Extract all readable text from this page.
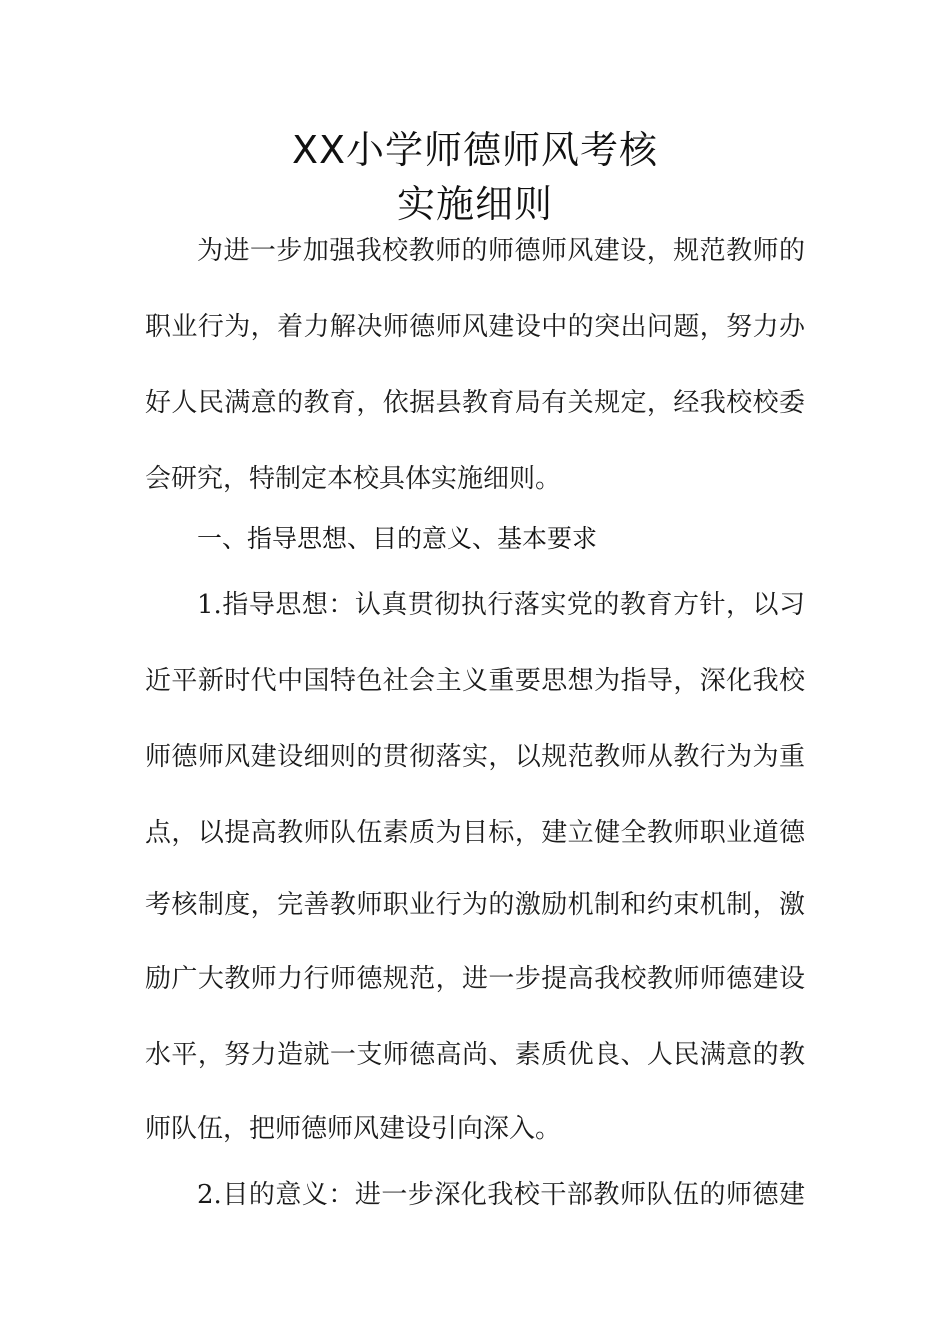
XX小学师德师风考核
实施细则
为进一步加强我校教师的师德师风建设，规范教师的
职业行为，着力解决师德师风建设中的突出问题，努力办
好人民满意的教育，依据县教育局有关规定，经我校校委
会研究，特制定本校具体实施细则。
一、指导思想、目的意义、基本要求
1.指导思想：认真贯彻执行落实党的教育方针，以习
近平新时代中国特色社会主义重要思想为指导，深化我校
师德师风建设细则的贯彻落实，以规范教师从教行为为重
点，以提高教师队伍素质为目标，建立健全教师职业道德
考核制度，完善教师职业行为的激励机制和约束机制，激
励广大教师力行师德规范，进一步提高我校教师师德建设
水平，努力造就一支师德高尚、素质优良、人民满意的教
师队伍，把师德师风建设引向深入。
2.目的意义：进一步深化我校干部教师队伍的师德建
